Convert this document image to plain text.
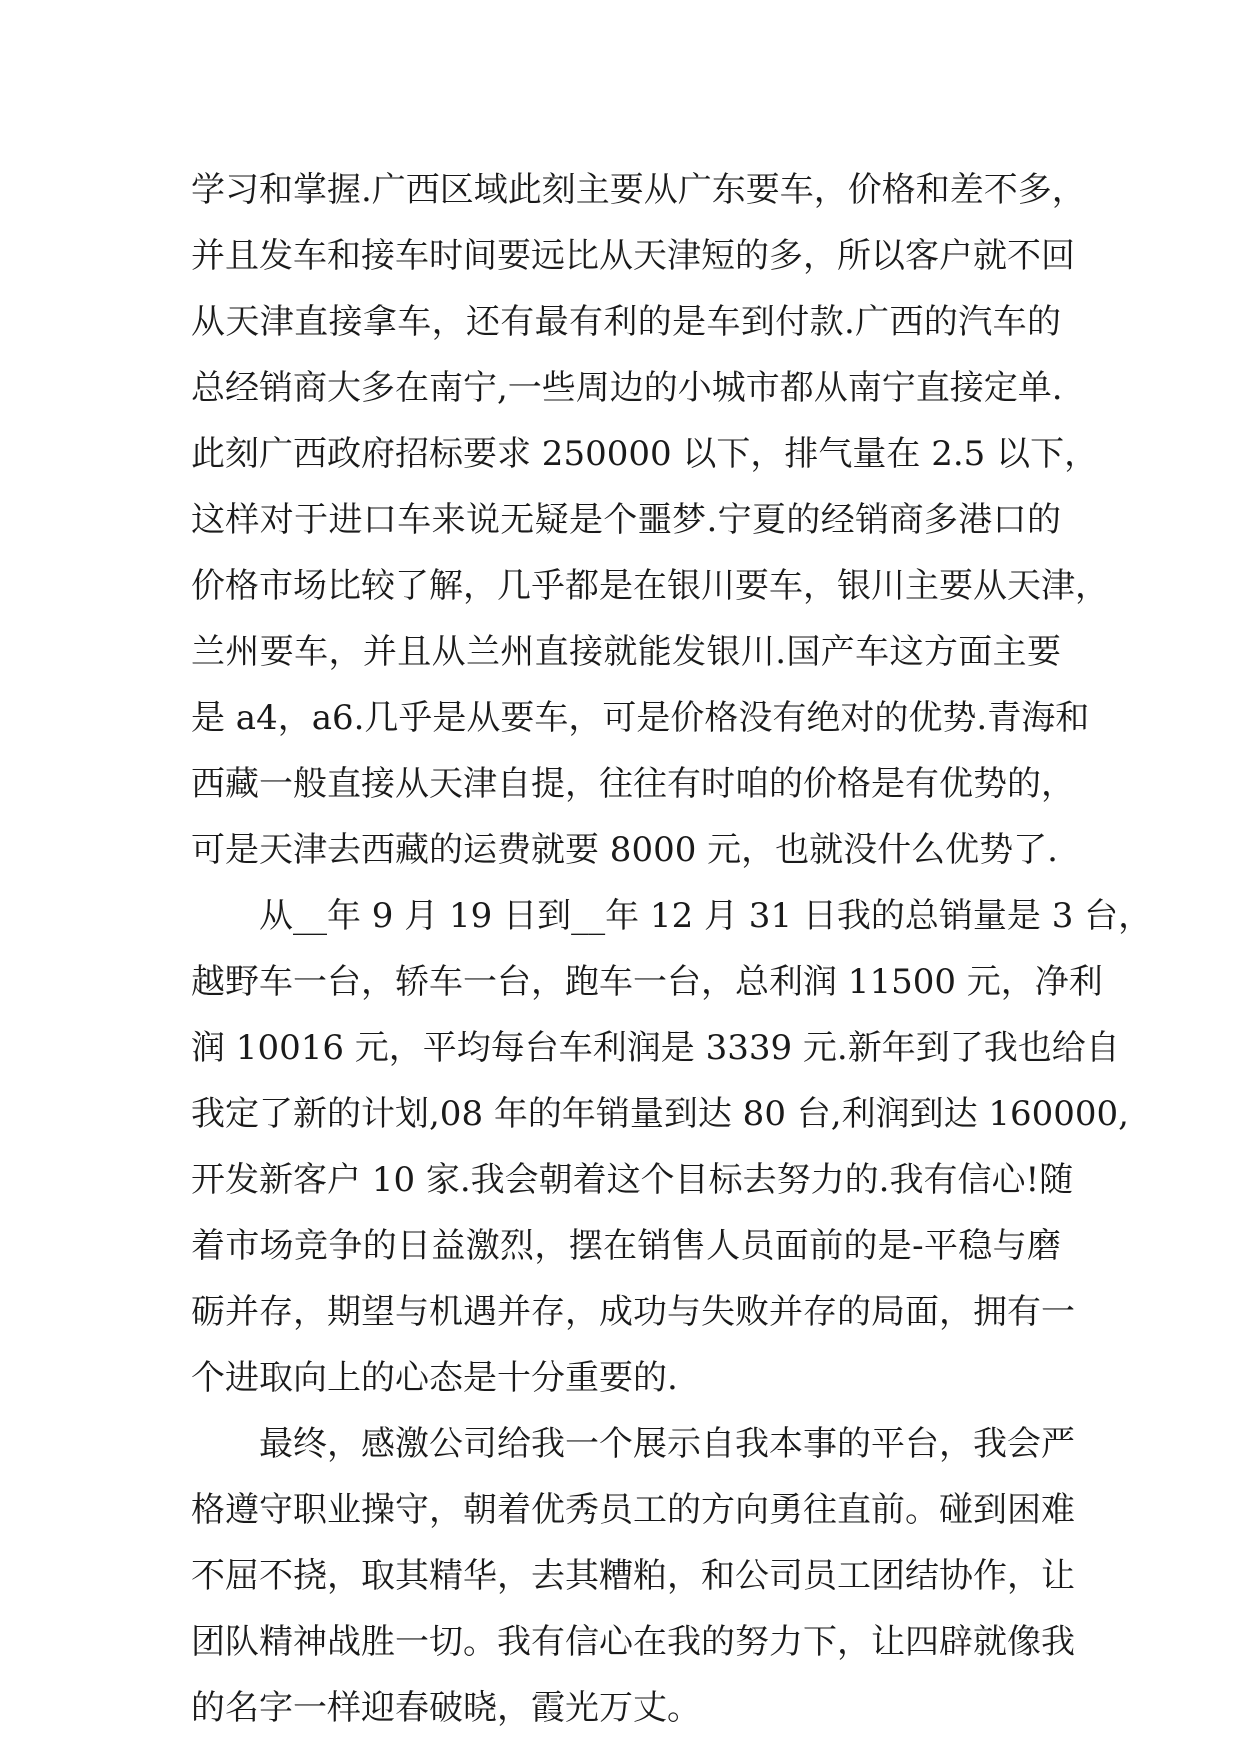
学习和掌握.广西区域此刻主要从广东要车，价格和差不多，
并且发车和接车时间要远比从天津短的多，所以客户就不回
从天津直接拿车，还有最有利的是车到付款.广西的汽车的
总经销商大多在南宁,一些周边的小城市都从南宁直接定单.
此刻广西政府招标要求 250000 以下，排气量在 2.5 以下，
这样对于进口车来说无疑是个噩梦.宁夏的经销商多港口的
价格市场比较了解，几乎都是在银川要车，银川主要从天津，
兰州要车，并且从兰州直接就能发银川.国产车这方面主要
是 a4，a6.几乎是从要车，可是价格没有绝对的优势.青海和
西藏一般直接从天津自提，往往有时咱的价格是有优势的，
可是天津去西藏的运费就要 8000 元，也就没什么优势了.
从__年 9 月 19 日到__年 12 月 31 日我的总销量是 3 台，
越野车一台，轿车一台，跑车一台，总利润 11500 元，净利
润 10016 元，平均每台车利润是 3339 元.新年到了我也给自
我定了新的计划,08 年的年销量到达 80 台,利润到达 160000,
开发新客户 10 家.我会朝着这个目标去努力的.我有信心!随
着市场竞争的日益激烈，摆在销售人员面前的是-平稳与磨
砺并存，期望与机遇并存，成功与失败并存的局面，拥有一
个进取向上的心态是十分重要的.
最终，感激公司给我一个展示自我本事的平台，我会严
格遵守职业操守，朝着优秀员工的方向勇往直前。碰到困难
不屈不挠，取其精华，去其糟粕，和公司员工团结协作，让
团队精神战胜一切。我有信心在我的努力下，让四辟就像我
的名字一样迎春破晓，霞光万丈。
